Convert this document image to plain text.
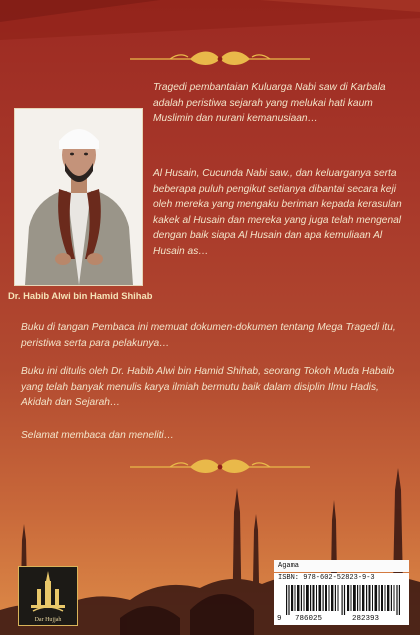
Dr. Habib Alwi bin Hamid Shihab

Tragedi pembantaian Kuluarga Nabi saw di Karbala adalah peristiwa sejarah yang melukai hati kaum Muslimin dan nurani kemanusiaan…

Al Husain, Cucunda Nabi saw., dan keluarganya serta beberapa puluh pengikut setianya dibantai secara keji oleh mereka yang mengaku beriman kepada kerasulan kakek al Husain dan mereka yang juga telah mengenal dengan baik siapa Al Husain dan apa kemuliaan Al Husain as…

Buku di tangan Pembaca ini memuat dokumen-dokumen tentang Mega Tragedi itu, peristiwa serta para pelakunya…

Buku ini ditulis oleh Dr. Habib Alwi bin Hamid Shihab, seorang Tokoh Muda Habaib yang telah banyak menulis karya ilmiah bermutu baik dalam disiplin Ilmu Hadis, Akidah dan Sejarah…

Selamat membaca dan meneliti…

Dar Hujjah
Agama
ISBN: 978-602-52823-9-3
9 786025	282393
